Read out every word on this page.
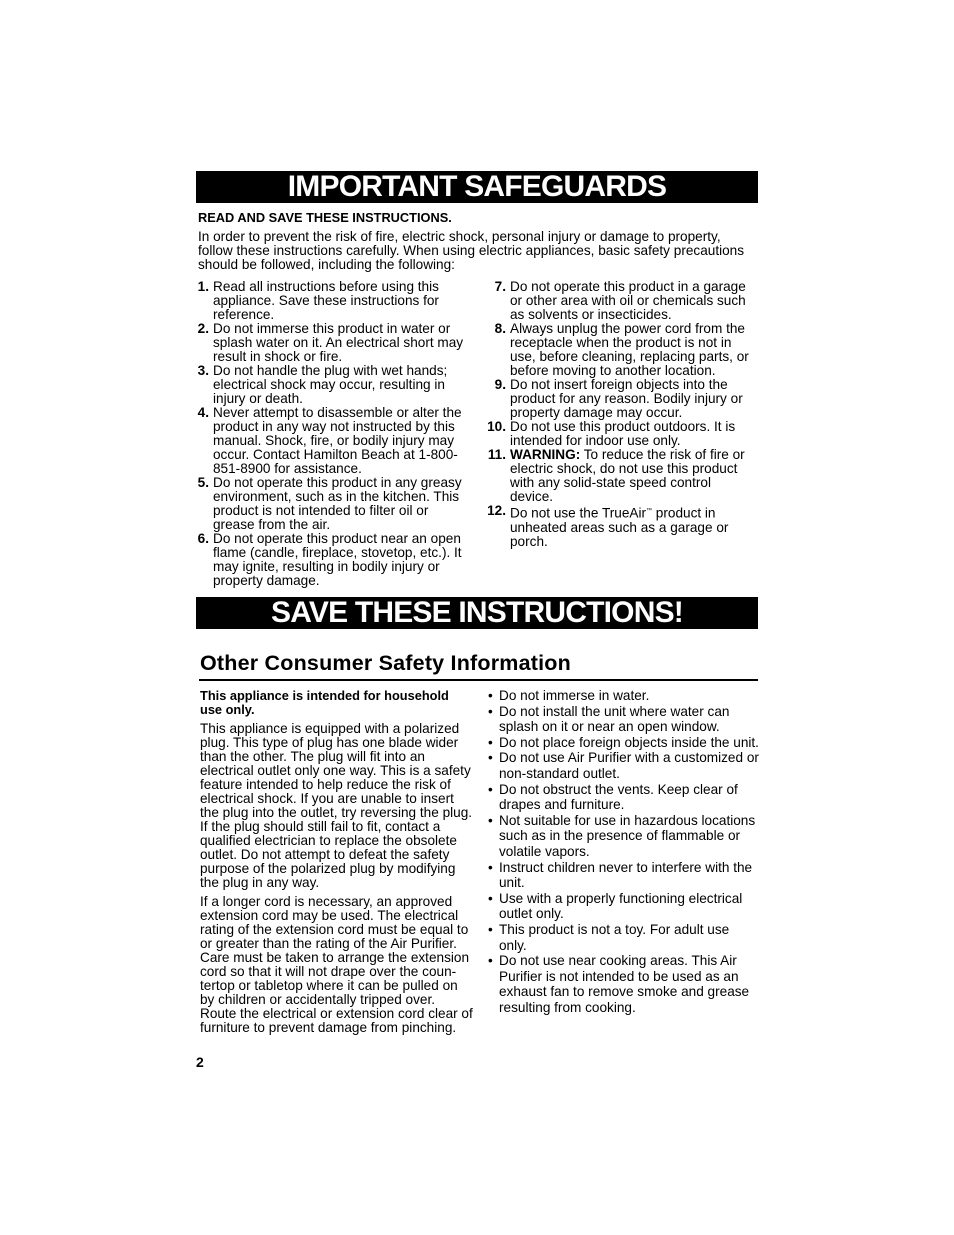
IMPORTANT SAFEGUARDS
READ AND SAVE THESE INSTRUCTIONS.
In order to prevent the risk of fire, electric shock, personal injury or damage to property, follow these instructions carefully. When using electric appliances, basic safety precautions should be followed, including the following:
1. Read all instructions before using this appliance. Save these instructions for reference.
2. Do not immerse this product in water or splash water on it. An electrical short may result in shock or fire.
3. Do not handle the plug with wet hands; electrical shock may occur, resulting in injury or death.
4. Never attempt to disassemble or alter the product in any way not instructed by this manual. Shock, fire, or bodily injury may occur. Contact Hamilton Beach at 1-800-851-8900 for assistance.
5. Do not operate this product in any greasy environment, such as in the kitchen. This product is not intended to filter oil or grease from the air.
6. Do not operate this product near an open flame (candle, fireplace, stovetop, etc.). It may ignite, resulting in bodily injury or property damage.
7. Do not operate this product in a garage or other area with oil or chemicals such as solvents or insecticides.
8. Always unplug the power cord from the receptacle when the product is not in use, before cleaning, replacing parts, or before moving to another location.
9. Do not insert foreign objects into the product for any reason. Bodily injury or property damage may occur.
10. Do not use this product outdoors. It is intended for indoor use only.
11. WARNING: To reduce the risk of fire or electric shock, do not use this product with any solid-state speed control device.
12. Do not use the TrueAir™ product in unheated areas such as a garage or porch.
SAVE THESE INSTRUCTIONS!
Other Consumer Safety Information

This appliance is intended for household use only.

This appliance is equipped with a polarized plug. This type of plug has one blade wider than the other. The plug will fit into an electrical outlet only one way. This is a safety feature intended to help reduce the risk of electrical shock. If you are unable to insert the plug into the outlet, try reversing the plug. If the plug should still fail to fit, contact a qualified electrician to replace the obsolete outlet. Do not attempt to defeat the safety purpose of the polarized plug by modifying the plug in any way.

If a longer cord is necessary, an approved extension cord may be used. The electrical rating of the extension cord must be equal to or greater than the rating of the Air Purifier. Care must be taken to arrange the extension cord so that it will not drape over the coun-tertop or tabletop where it can be pulled on by children or accidentally tripped over. Route the electrical or extension cord clear of furniture to prevent damage from pinching.

• Do not immerse in water.
• Do not install the unit where water can splash on it or near an open window.
• Do not place foreign objects inside the unit.
• Do not use Air Purifier with a customized or non-standard outlet.
• Do not obstruct the vents. Keep clear of drapes and furniture.
• Not suitable for use in hazardous locations such as in the presence of flammable or volatile vapors.
• Instruct children never to interfere with the unit.
• Use with a properly functioning electrical outlet only.
• This product is not a toy. For adult use only.
• Do not use near cooking areas. This Air Purifier is not intended to be used as an exhaust fan to remove smoke and grease resulting from cooking.
2
